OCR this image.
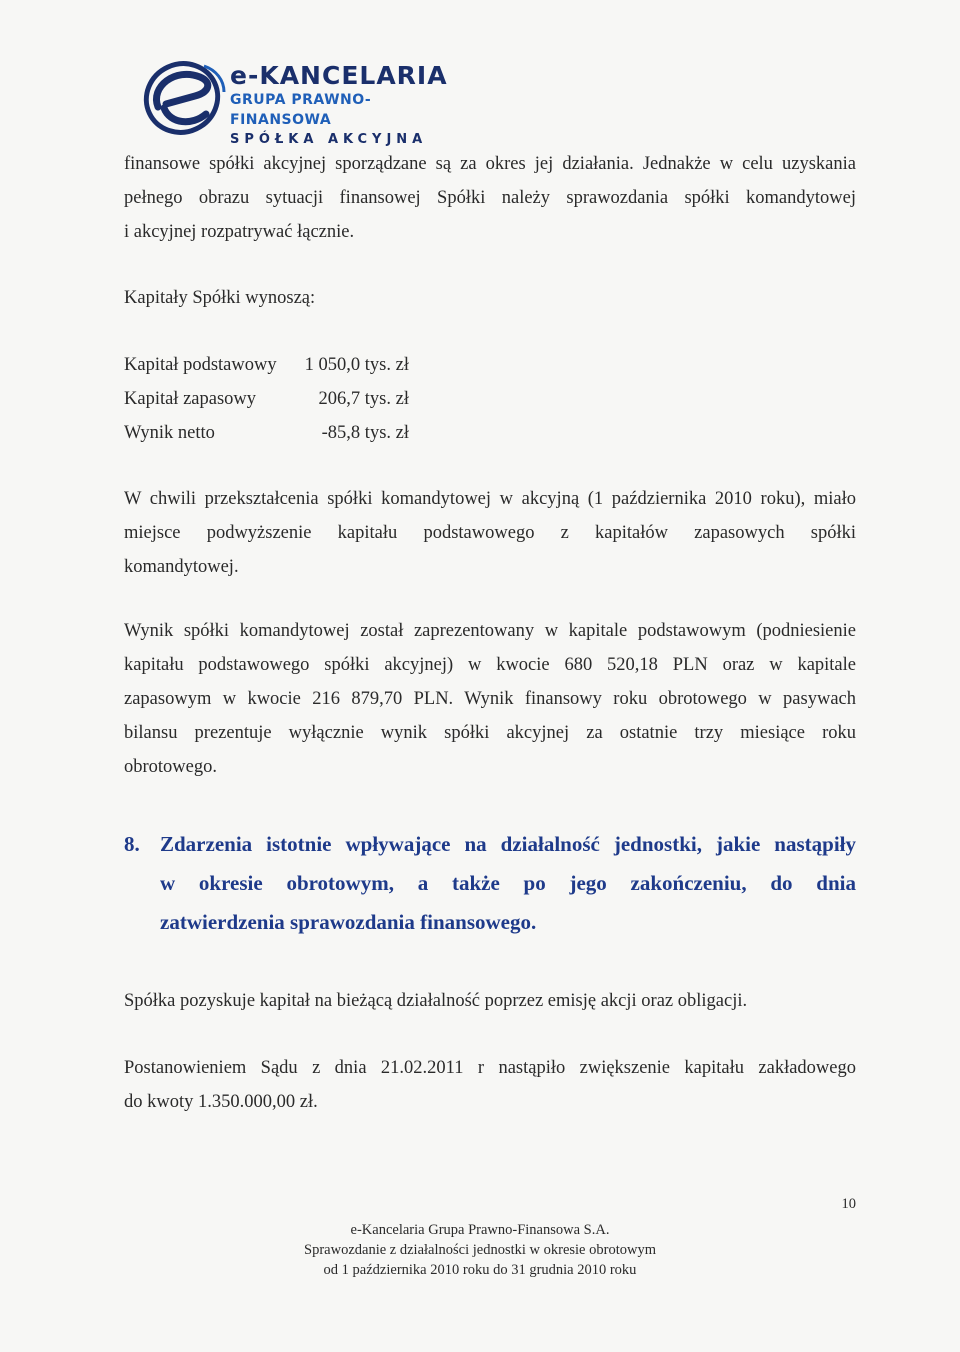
e-KANCELARIA
GRUPA PRAWNO-FINANSOWA
SPÓŁKA AKCYJNA
finansowe spółki akcyjnej sporządzane są za okres jej działania. Jednakże w celu uzyskania
pełnego obrazu sytuacji finansowej Spółki należy sprawozdania spółki komandytowej
i akcyjnej rozpatrywać łącznie.
Kapitały Spółki wynoszą:
Kapitał podstawowy	1 050,0 tys. zł
Kapitał zapasowy	206,7 tys. zł
Wynik netto	-85,8 tys. zł
W chwili przekształcenia spółki komandytowej w akcyjną (1 października 2010 roku), miało
miejsce podwyższenie kapitału podstawowego z kapitałów zapasowych spółki
komandytowej.
Wynik spółki komandytowej został zaprezentowany w kapitale podstawowym (podniesienie
kapitału podstawowego spółki akcyjnej) w kwocie 680 520,18 PLN oraz w kapitale
zapasowym w kwocie 216 879,70 PLN. Wynik finansowy roku obrotowego w pasywach
bilansu prezentuje wyłącznie wynik spółki akcyjnej za ostatnie trzy miesiące roku
obrotowego.
8. Zdarzenia istotnie wpływające na działalność jednostki, jakie nastąpiły
w okresie obrotowym, a także po jego zakończeniu, do dnia
zatwierdzenia sprawozdania finansowego.
Spółka pozyskuje kapitał na bieżącą działalność poprzez emisję akcji oraz obligacji.
Postanowieniem Sądu z dnia 21.02.2011 r nastąpiło zwiększenie kapitału zakładowego
do kwoty 1.350.000,00 zł.
10
e-Kancelaria Grupa Prawno-Finansowa S.A.
Sprawozdanie z działalności jednostki w okresie obrotowym
od 1 października 2010 roku do 31 grudnia 2010 roku
